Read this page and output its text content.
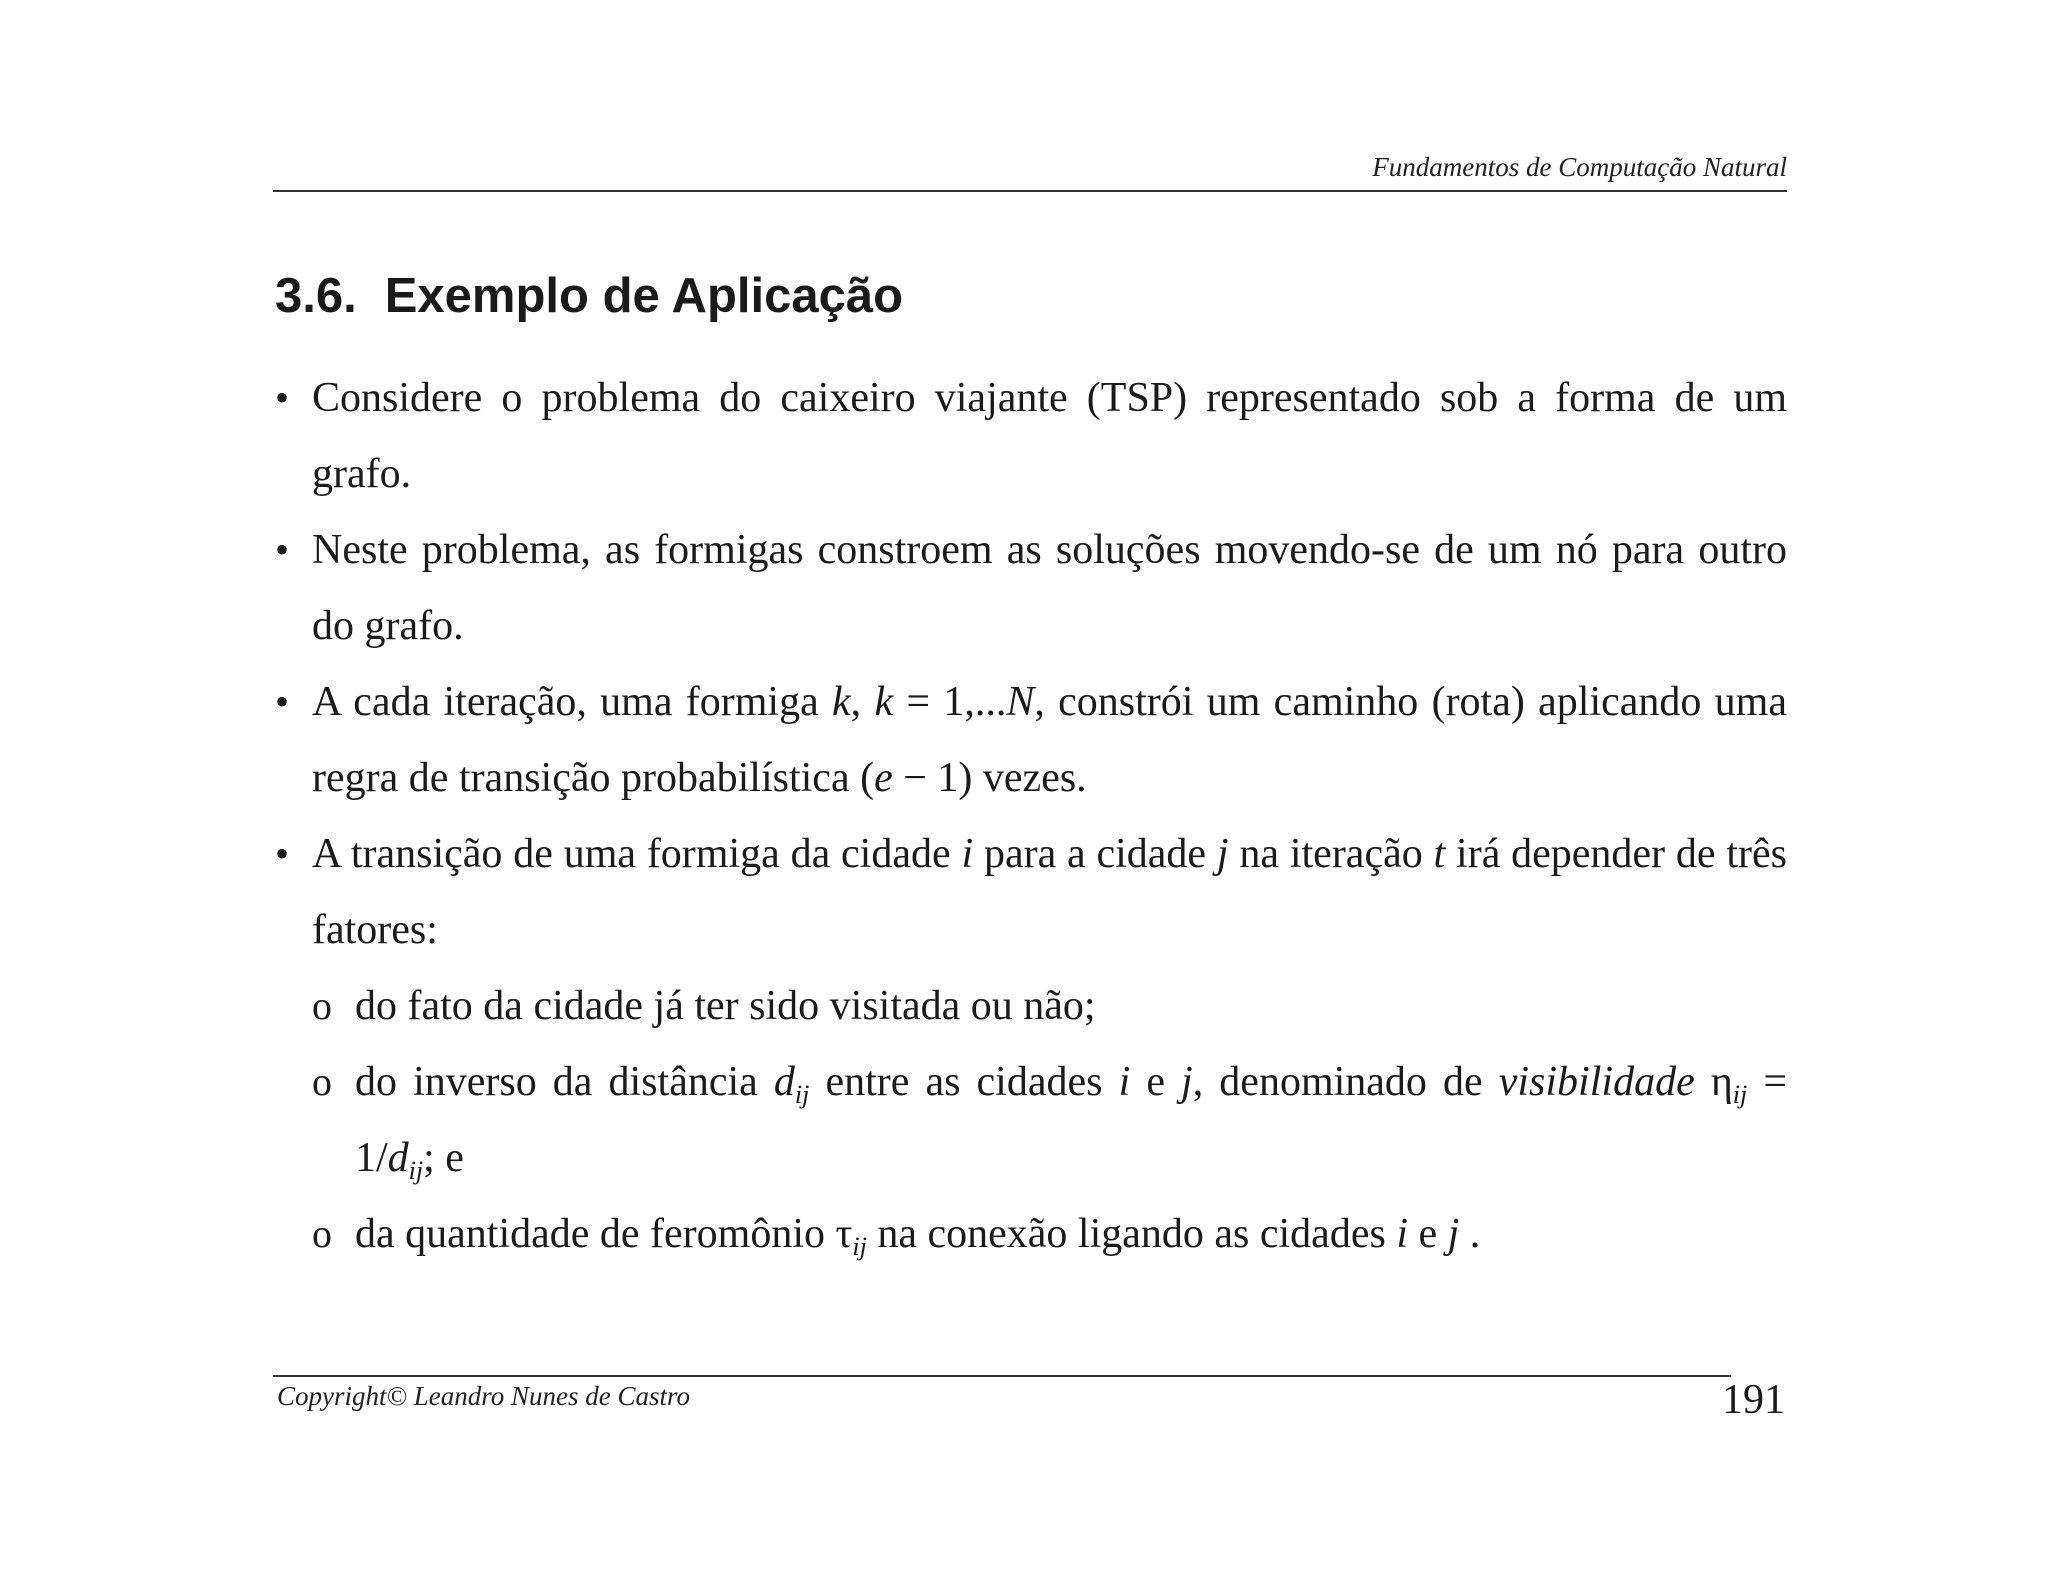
Fundamentos de Computação Natural
3.6. Exemplo de Aplicação
• Considere o problema do caixeiro viajante (TSP) representado sob a forma de um grafo.
• Neste problema, as formigas constroem as soluções movendo-se de um nó para outro do grafo.
• A cada iteração, uma formiga k, k = 1,...N, constrói um caminho (rota) aplicando uma regra de transição probabilística (e − 1) vezes.
• A transição de uma formiga da cidade i para a cidade j na iteração t irá depender de três fatores:
o do fato da cidade já ter sido visitada ou não;
o do inverso da distância $d_{ij}$ entre as cidades i e j, denominado de visibilidade $\eta_{ij} = 1/d_{ij}$; e
o da quantidade de feromônio $\tau_{ij}$ na conexão ligando as cidades i e j .
Copyright© Leandro Nunes de Castro	191
